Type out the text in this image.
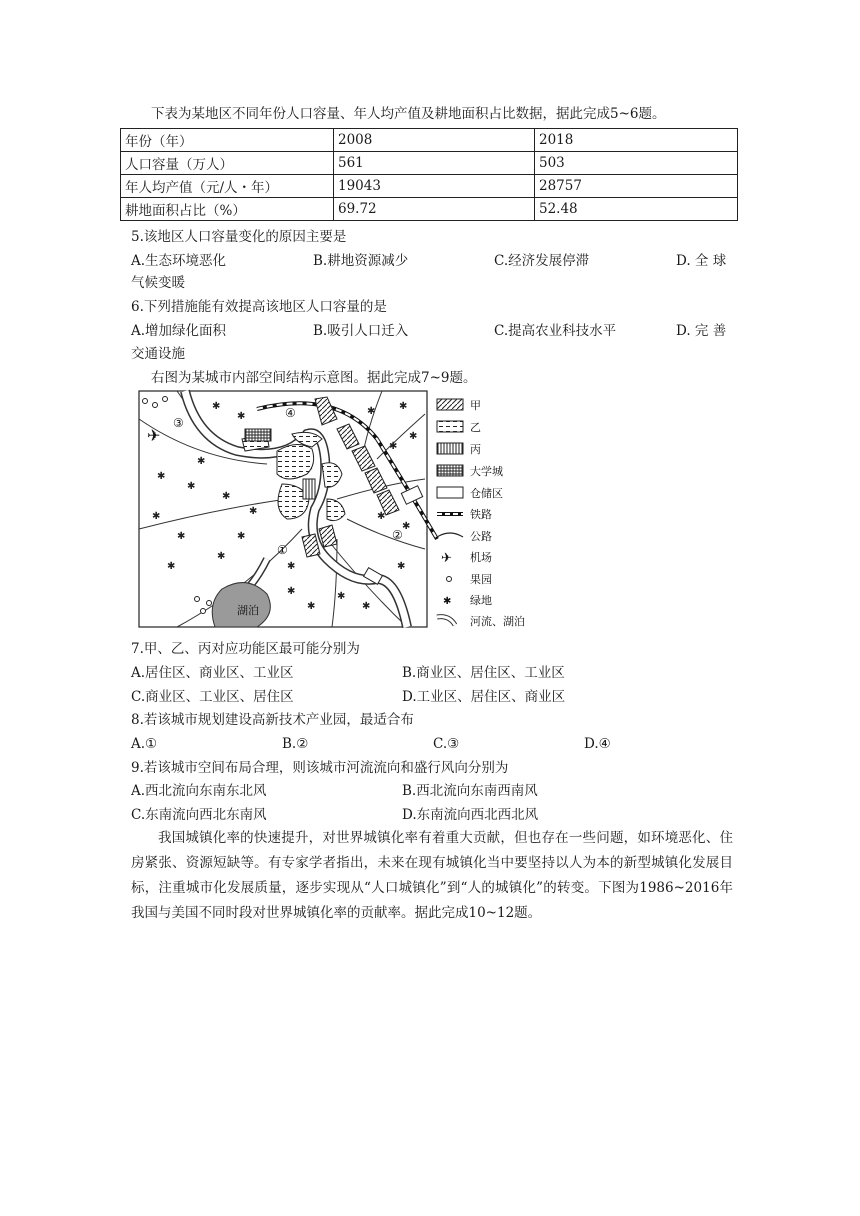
下表为某地区不同年份人口容量、年人均产值及耕地面积占比数据，据此完成5~6题。
年份（年）	2008	2018
人口容量（万人）	561	503
年人均产值（元/人・年）	19043	28757
耕地面积占比（%）	69.72	52.48
5.该地区人口容量变化的原因主要是
A.生态环境恶化	B.耕地资源减少	C.经济发展停滞	D. 全 球
气候变暖
6.下列措施能有效提高该地区人口容量的是
A.增加绿化面积	B.吸引人口迁入	C.提高农业科技水平	D. 完 善
交通设施
右图为某城市内部空间结构示意图。据此完成7~9题。
湖泊
✈
✱
✱	✱ ✱
✱
✱
✱
✱
✱
✱
✱
✱
✱
✱
✱
✱
✱
✱
✱
✱
✱
✱
✱
✱
①
②
③
④
甲
乙
丙
大学城
仓储区
铁路
公路
✈ 机场
果园
✱ 绿地
河流、湖泊
7.甲、乙、丙对应功能区最可能分别为
A.居住区、商业区、工业区	B.商业区、居住区、工业区
C.商业区、工业区、居住区	D.工业区、居住区、商业区
8.若该城市规划建设高新技术产业园，最适合布
A.①	B.②	C.③	D.④
9.若该城市空间布局合理，则该城市河流流向和盛行风向分别为
A.西北流向东南东北风	B.西北流向东南西南风
C.东南流向西北东南风	D.东南流向西北西北风
我国城镇化率的快速提升，对世界城镇化率有着重大贡献，但也存在一些问题，如环境恶化、住房紧张、资源短缺等。有专家学者指出，未来在现有城镇化当中要坚持以人为本的新型城镇化发展目标，注重城市化发展质量，逐步实现从“人口城镇化”到“人的城镇化”的转变。下图为1986~2016年我国与美国不同时段对世界城镇化率的贡献率。据此完成10~12题。
